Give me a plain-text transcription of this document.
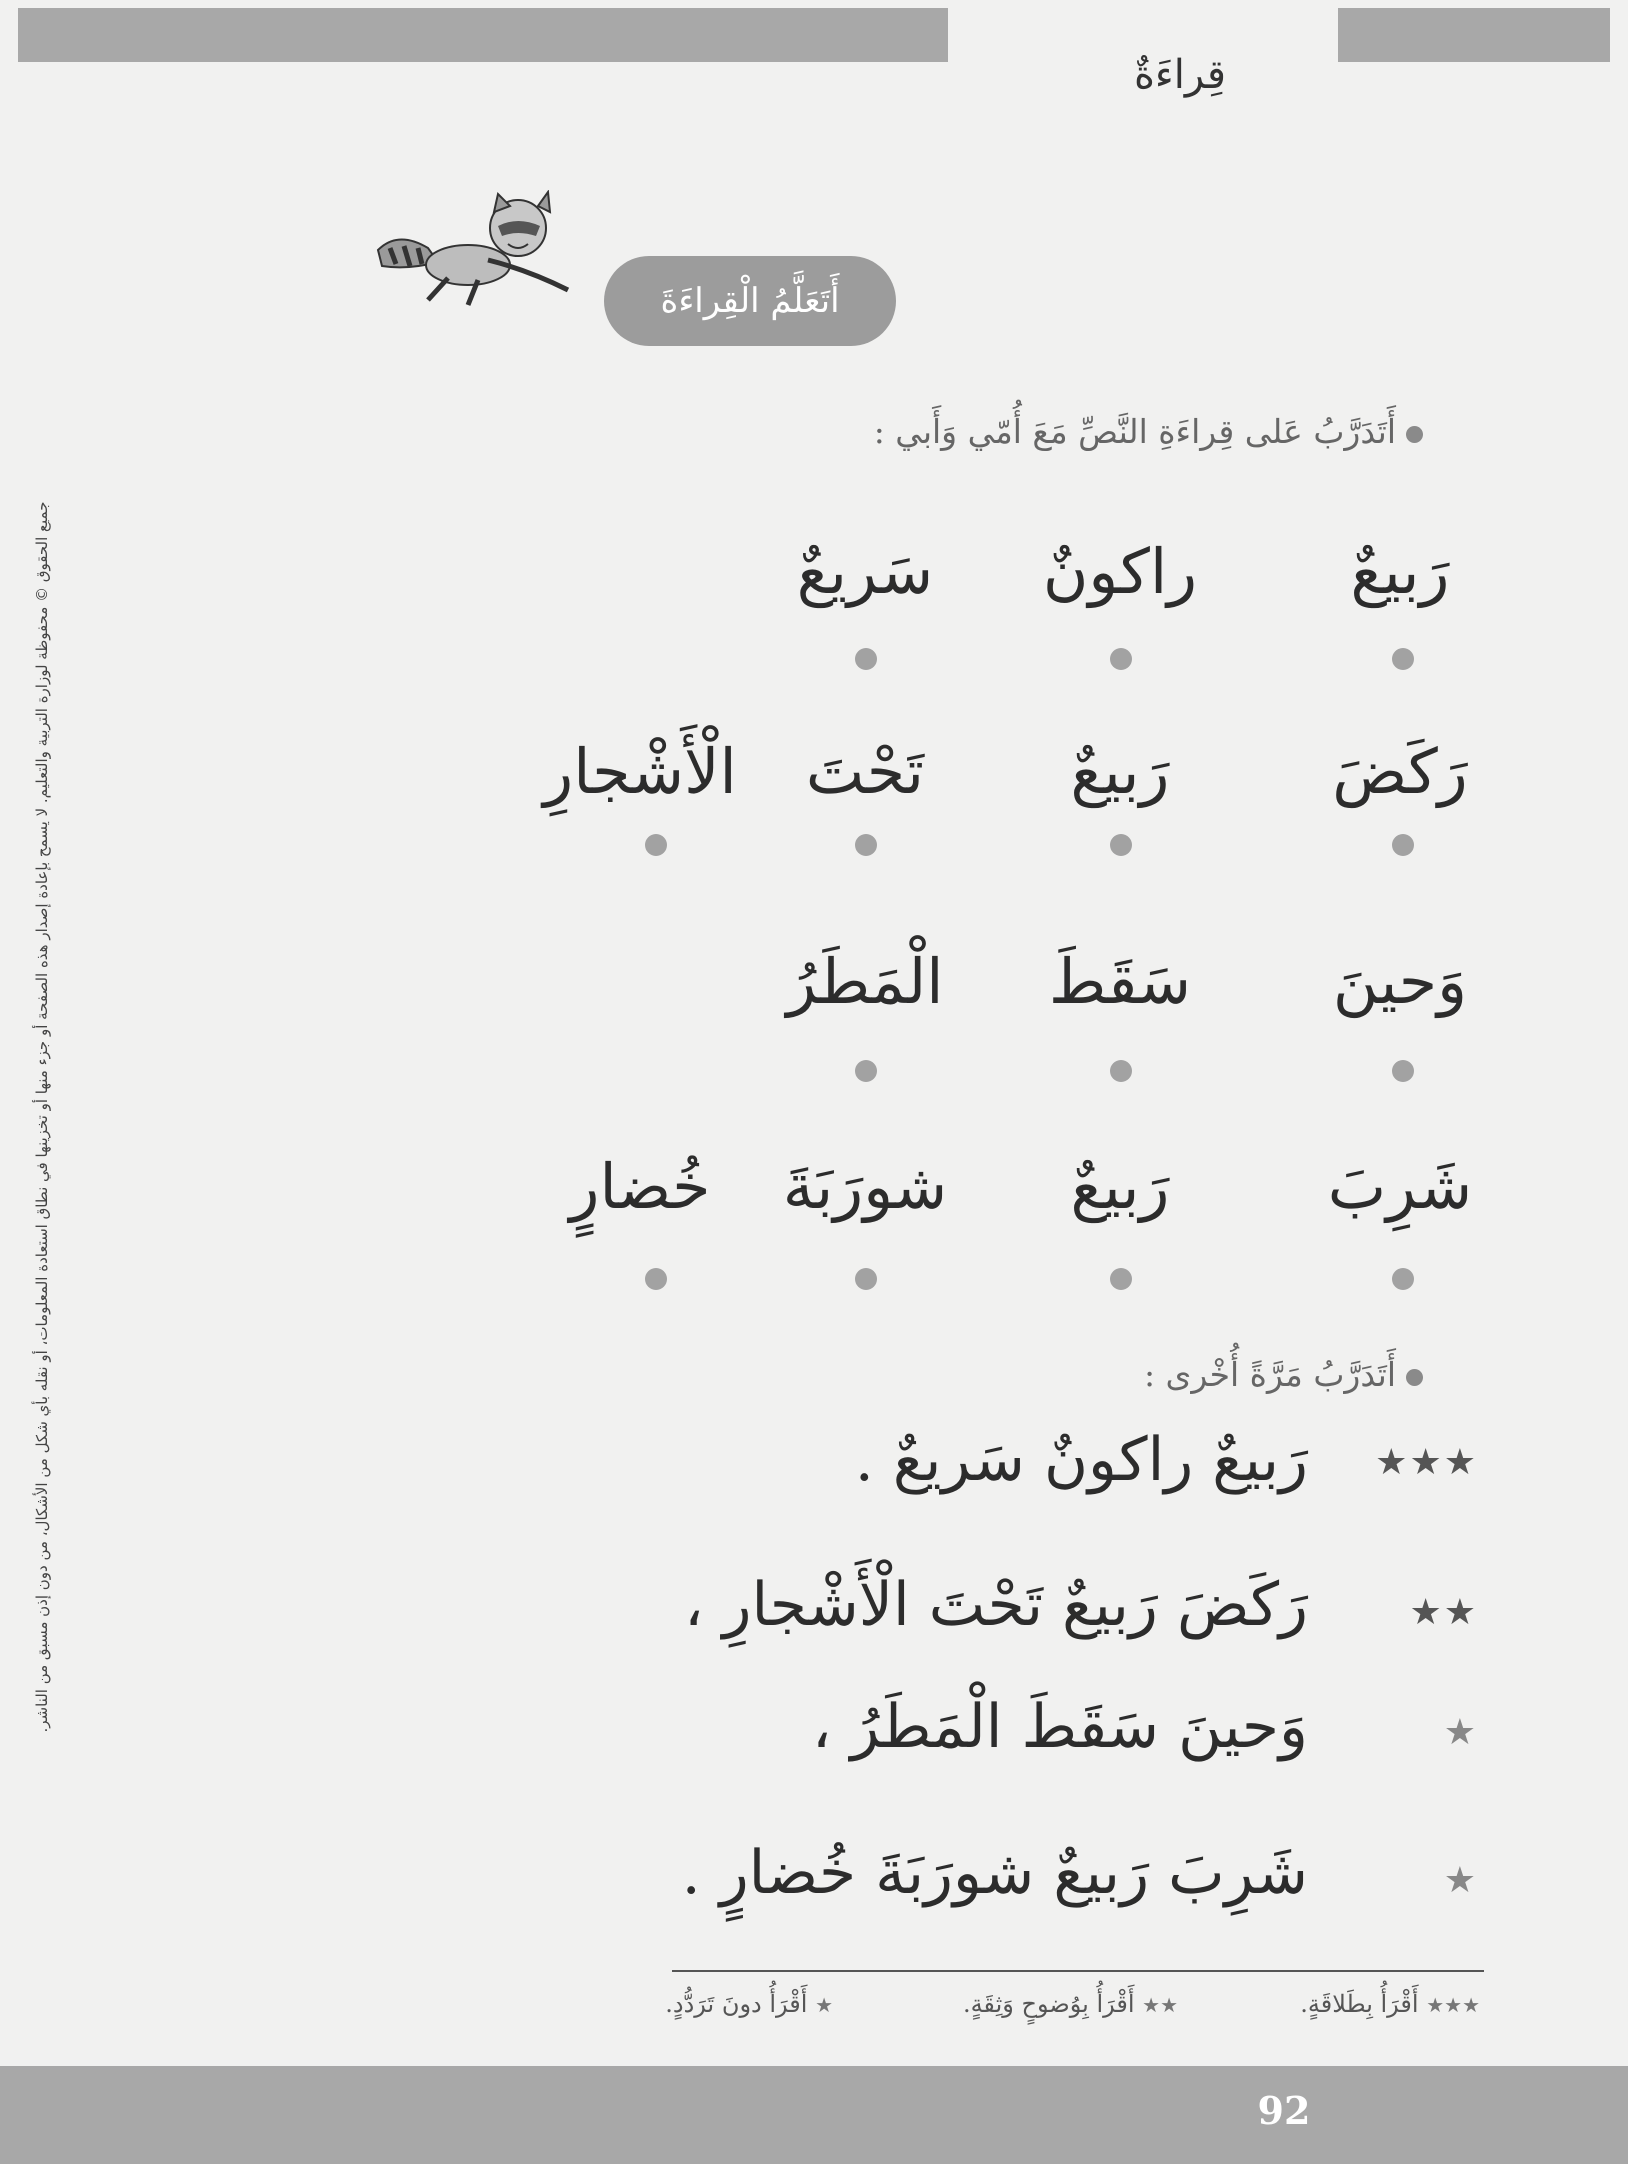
قِراءَةٌ
جميع الحقوق © محفوظة لوزارة التربية والتعليم. لا يسمح بإعادة إصدار هذه الصفحة أو جزء منها أو تخزينها في نطاق استعادة المعلومات، أو نقله بأي شكل من الأشكال، من دون إذن مسبق من الناشر.
أَتَعَلَّمُ الْقِراءَةَ
أَتَدَرَّبُ عَلى قِراءَةِ النَّصِّ مَعَ أُمّي وَأَبي :
رَبيعٌ
راكونٌ
سَريعٌ
رَكَضَ
رَبيعٌ
تَحْتَ
الْأَشْجارِ
وَحينَ
سَقَطَ
الْمَطَرُ
شَرِبَ
رَبيعٌ
شورَبَةَ
خُضارٍ
أَتَدَرَّبُ مَرَّةً أُخْرى :
★★★
رَبيعٌ راكونٌ سَريعٌ .
★★
رَكَضَ رَبيعٌ تَحْتَ الْأَشْجارِ ،
★
وَحينَ سَقَطَ الْمَطَرُ ،
★
شَرِبَ رَبيعٌ شورَبَةَ خُضارٍ .
★★★ أَقْرَأُ بِطَلاقَةٍ.
★★ أَقْرَأُ بِوُضوحٍ وَثِقَةٍ.
★ أَقْرَأُ دونَ تَرَدُّدٍ.
92
